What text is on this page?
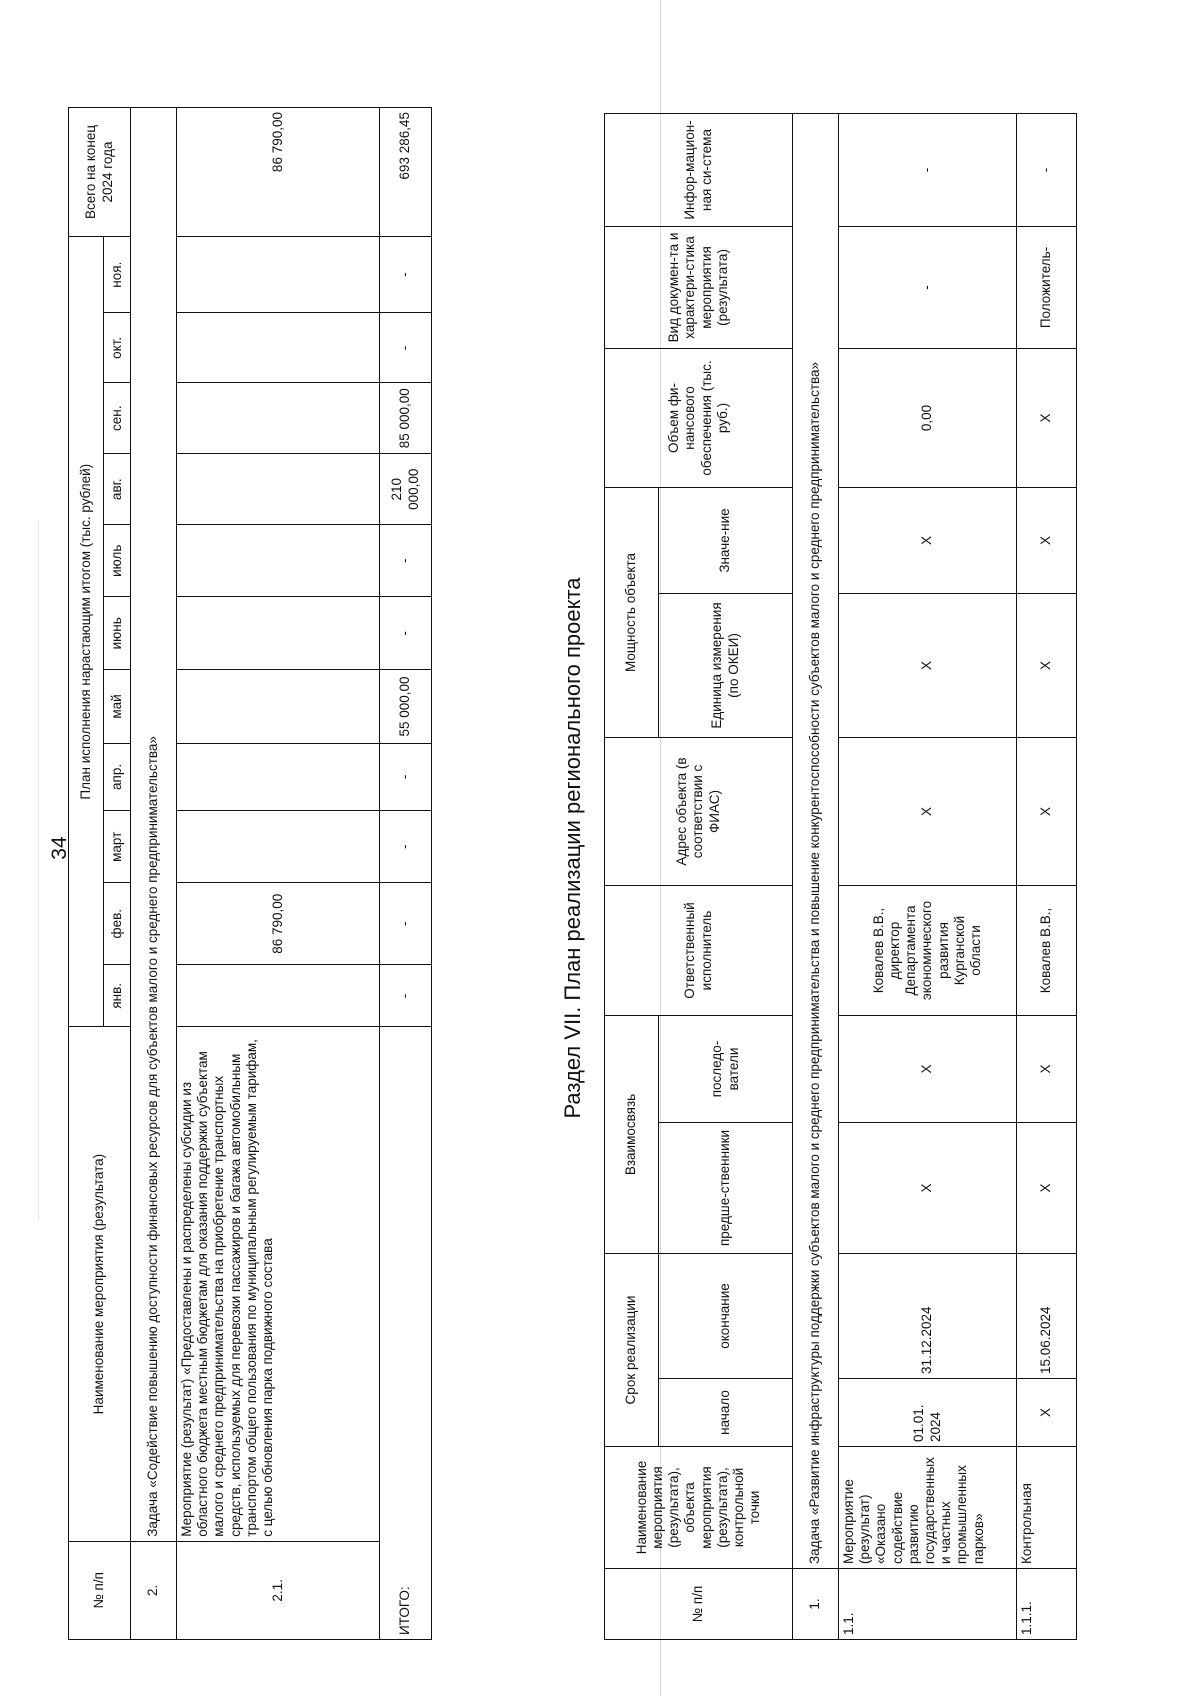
34
№ п/п	Наименование мероприятия (результата)	План исполнения нарастающим итогом (тыс. рублей)											Всего на конец 2024 года
		янв.	фев.	март	апр.	май	июнь	июль	авг.	сен.	окт.	ноя.	
2.	Задача «Содействие повышению доступности финансовых ресурсов для субъектов малого и среднего предпринимательства»												
2.1.	Мероприятие (результат) «Предоставлены и распределены субсидии из областного бюджета местным бюджетам для оказания поддержки субъектам малого и среднего предпринимательства на приобретение транспортных средств, используемых для перевозки пассажиров и багажа автомобильным транспортом общего пользования по муниципальным регулируемым тарифам, с целью обновления парка подвижного состава		86 790,00										86 790,00
ИТОГО:		-	-	-	-	55 000,00	-	-	210 000,00	85 000,00	-	-	693 286,45
Раздел VII. План реализации регионального проекта
№ п/п	Наименование мероприятия (результата), объекта мероприятия (результата), контрольной точки	Срок реализации		Взаимосвязь		Ответственный исполнитель	Адрес объекта (в соответствии с ФИАС)	Мощность объекта		Объем фи-нансового обеспечения (тыс. руб.)	Вид докумен-та и характери-стика мероприятия (результата)	Инфор-мацион-ная си-стема
		начало	окончание	предше-ственники	последо-ватели			Единица измерения (по ОКЕИ)	Значе-ние			
1.	Задача «Развитие инфраструктуры поддержки субъектов малого и среднего предпринимательства и повышение конкурентоспособности субъектов малого и среднего предпринимательства»											
1.1.	Мероприятие (результат) «Оказано содействие развитию государственных и частных промышленных парков»	01.01. 2024	31.12.2024	X	X	Ковалев В.В., директор Департамента экономического развития Курганской области	X	X	X	0,00	-	-
1.1.1.	Контрольная	X	15.06.2024	X	X	Ковалев В.В.,	X	X	X	X	Положитель-	-
